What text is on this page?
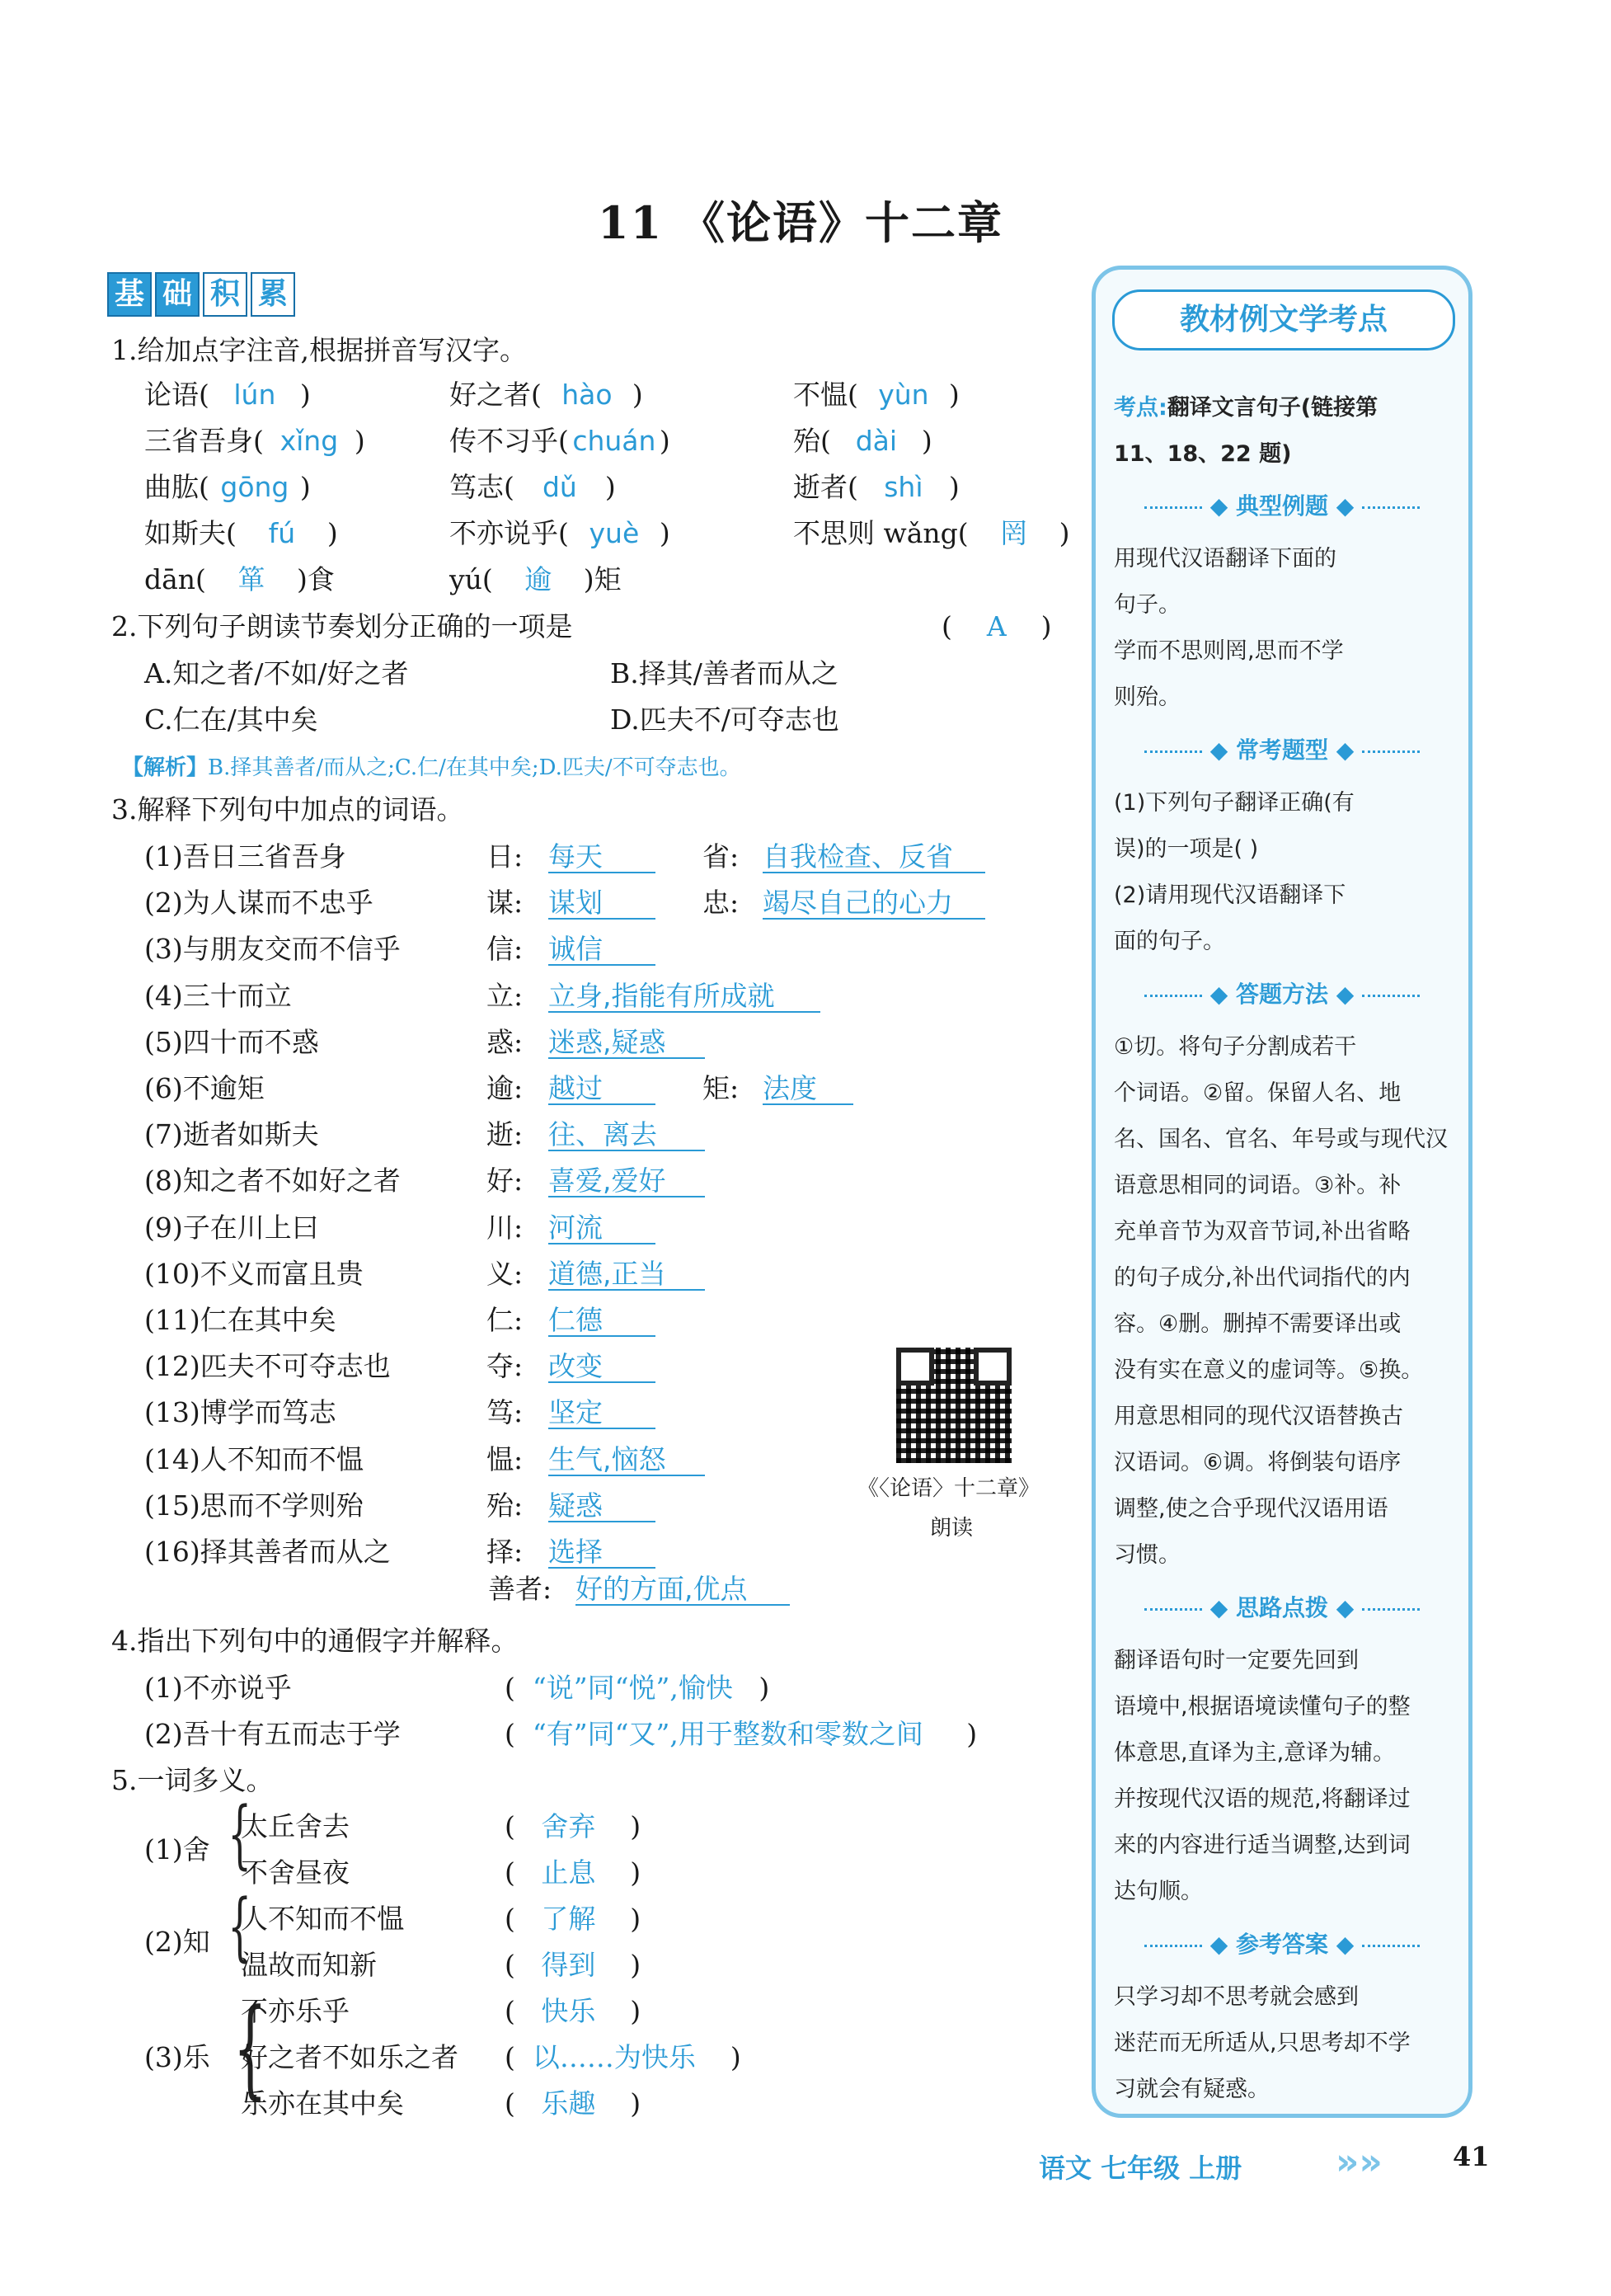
11 《论语》十二章
基 础 积 累
1.给加点字注音,根据拼音写汉字。
论语( lún )	好之者( hào )	不愠( yùn )
三省吾身( xǐng )	传不习乎( chuán )	殆( dài )
曲肱( gōng )	笃志( dǔ )	逝者( shì )
如斯夫( fú )	不亦说乎( yuè )	不思则 wǎng( 罔 )
dān( 箪 )食	yú( 逾 )矩
2.下列句子朗读节奏划分正确的一项是	(    A    )
A.知之者/不如/好之者	B.择其/善者而从之
C.仁在/其中矣	D.匹夫不/可夺志也
【解析】B.择其善者/而从之;C.仁/在其中矣;D.匹夫/不可夺志也。
3.解释下列句中加点的词语。
(1)吾日三省吾身	日: 每天	省: 自我检查、反省
(2)为人谋而不忠乎	谋: 谋划	忠: 竭尽自己的心力
(3)与朋友交而不信乎	信: 诚信
(4)三十而立	立: 立身,指能有所成就
(5)四十而不惑	惑: 迷惑,疑惑
(6)不逾矩	逾: 越过	矩: 法度
(7)逝者如斯夫	逝: 往、离去
(8)知之者不如好之者	好: 喜爱,爱好
(9)子在川上曰	川: 河流
(10)不义而富且贵	义: 道德,正当
(11)仁在其中矣	仁: 仁德
(12)匹夫不可夺志也	夺: 改变
(13)博学而笃志	笃: 坚定
(14)人不知而不愠	愠: 生气,恼怒
(15)思而不学则殆	殆: 疑惑
(16)择其善者而从之	择: 选择
善者: 好的方面,优点
《〈论语〉十二章》
朗读
4.指出下列句中的通假字并解释。
(1)不亦说乎	(  “说”同“悦”,愉快   )
(2)吾十有五而志于学	(  “有”同“又”,用于整数和零数之间     )
5.一词多义。
(1)舍 {
太丘舍去	(   舍弃    )
不舍昼夜	(   止息    )
(2)知 {
人不知而不愠	(   了解    )
温故而知新	(   得到    )
(3)乐 {
不亦乐乎	(   快乐    )
好之者不如乐之者 (  以……为快乐    )
乐亦在其中矣	(   乐趣    )
教材例文学考点
考点:翻译文言句子(链接第
11、18、22 题)
◆ 典型例题 ◆
用现代汉语翻译下面的
句子。
学而不思则罔,思而不学
则殆。
◆ 常考题型 ◆
(1)下列句子翻译正确(有
误)的一项是( )
(2)请用现代汉语翻译下
面的句子。
◆ 答题方法 ◆
①切。将句子分割成若干
个词语。②留。保留人名、地
名、国名、官名、年号或与现代汉
语意思相同的词语。③补。补
充单音节为双音节词,补出省略
的句子成分,补出代词指代的内
容。④删。删掉不需要译出或
没有实在意义的虚词等。⑤换。
用意思相同的现代汉语替换古
汉语词。⑥调。将倒装句语序
调整,使之合乎现代汉语用语
习惯。
◆ 思路点拨 ◆
翻译语句时一定要先回到
语境中,根据语境读懂句子的整
体意思,直译为主,意译为辅。
并按现代汉语的规范,将翻译过
来的内容进行适当调整,达到词
达句顺。
◆ 参考答案 ◆
只学习却不思考就会感到
迷茫而无所适从,只思考却不学
习就会有疑惑。
语文 七年级 上册	»»	41
